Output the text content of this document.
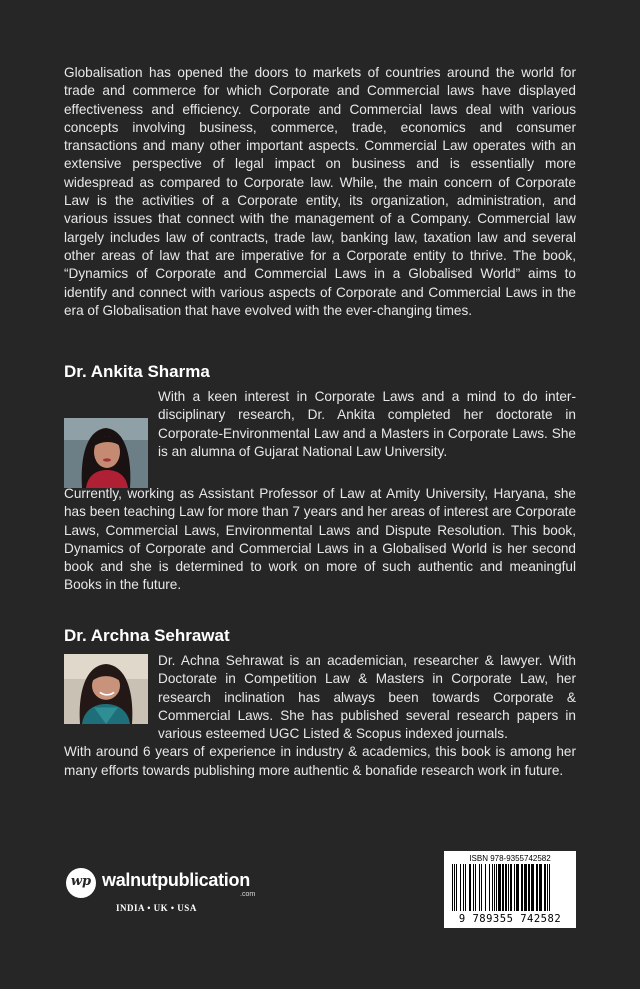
Globalisation has opened the doors to markets of countries around the world for trade and commerce for which Corporate and Commercial laws have displayed effectiveness and efficiency. Corporate and Commercial laws deal with various concepts involving business, commerce, trade, economics and consumer transactions and many other important aspects. Commercial Law operates with an extensive perspective of legal impact on business and is essentially more widespread as compared to Corporate law. While, the main concern of Corporate Law is the activities of a Corporate entity, its organization, administration, and various issues that connect with the management of a Company. Commercial law largely includes law of contracts, trade law, banking law, taxation law and several other areas of law that are imperative for a Corporate entity to thrive. The book, “Dynamics of Corporate and Commercial Laws in a Globalised World” aims to identify and connect with various aspects of Corporate and Commercial Laws in the era of Globalisation that have evolved with the ever-changing times.

Dr. Ankita Sharma
With a keen interest in Corporate Laws and a mind to do inter-disciplinary research, Dr. Ankita completed her doctorate in Corporate-Environmental Law and a Masters in Corporate Laws. She is an alumna of Gujarat National Law University.
Currently, working as Assistant Professor of Law at Amity University, Haryana, she has been teaching Law for more than 7 years and her areas of interest are Corporate Laws, Commercial Laws, Environmental Laws and Dispute Resolution. This book, Dynamics of Corporate and Commercial Laws in a Globalised World is her second book and she is determined to work on more of such authentic and meaningful Books in the future.
Dr. Archna Sehrawat
Dr. Achna Sehrawat is an academician, researcher & lawyer. With Doctorate in Competition Law & Masters in Corporate Law, her research inclination has always been towards Corporate & Commercial Laws. She has published several research papers in various esteemed UGC Listed & Scopus indexed journals.
With around 6 years of experience in industry & academics, this book is among her many efforts towards publishing more authentic & bonafide research work in future.
wp walnutpublication
.com
INDIA • UK • USA
ISBN 978-9355742582
9 789355 742582
